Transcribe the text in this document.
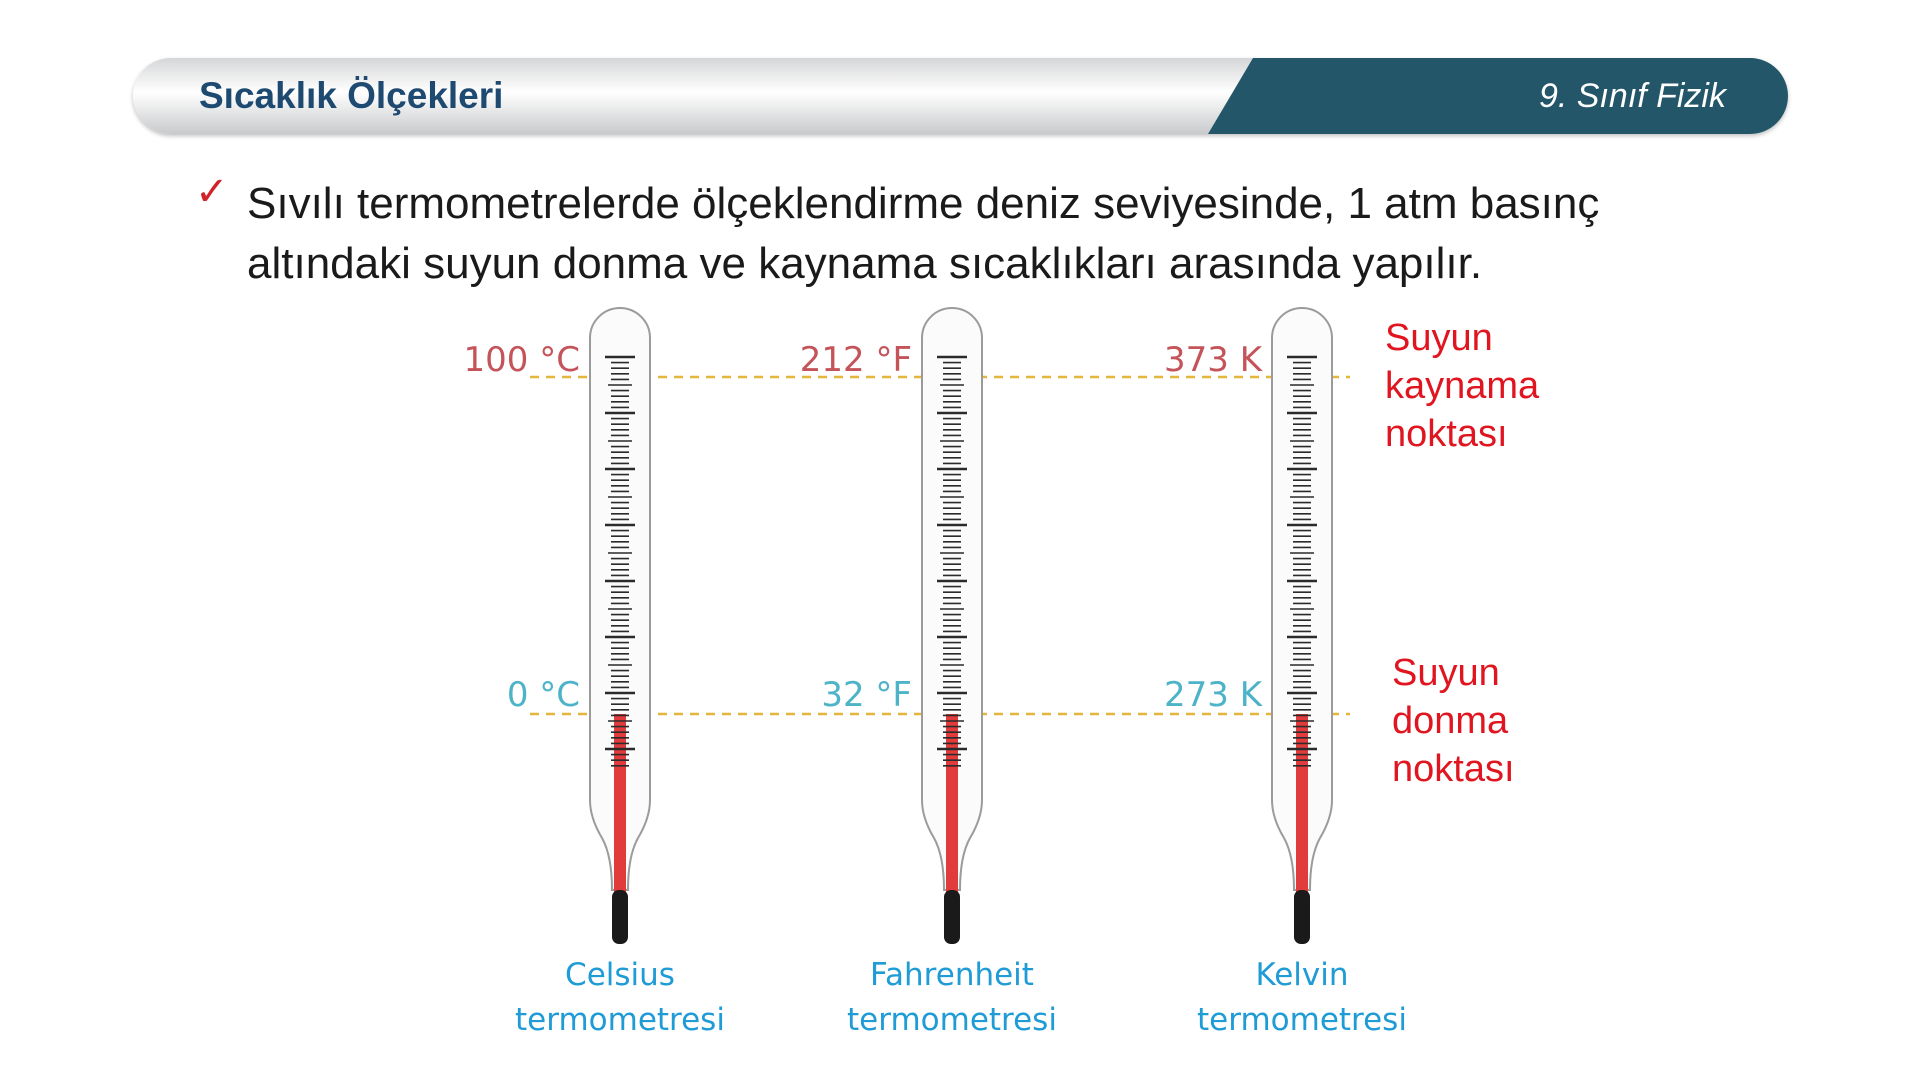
Sıcaklık Ölçekleri	9. Sınıf Fizik
✓ Sıvılı termometrelerde ölçeklendirme deniz seviyesinde, 1 atm basınç
altındaki suyun donma ve kaynama sıcaklıkları arasında yapılır.
100 °C
0 °C
Celsius
termometresi
212 °F
32 °F
Fahrenheit
termometresi
373 K
273 K
Kelvin
termometresi
Suyun
kaynama
noktası
Suyun
donma
noktası
